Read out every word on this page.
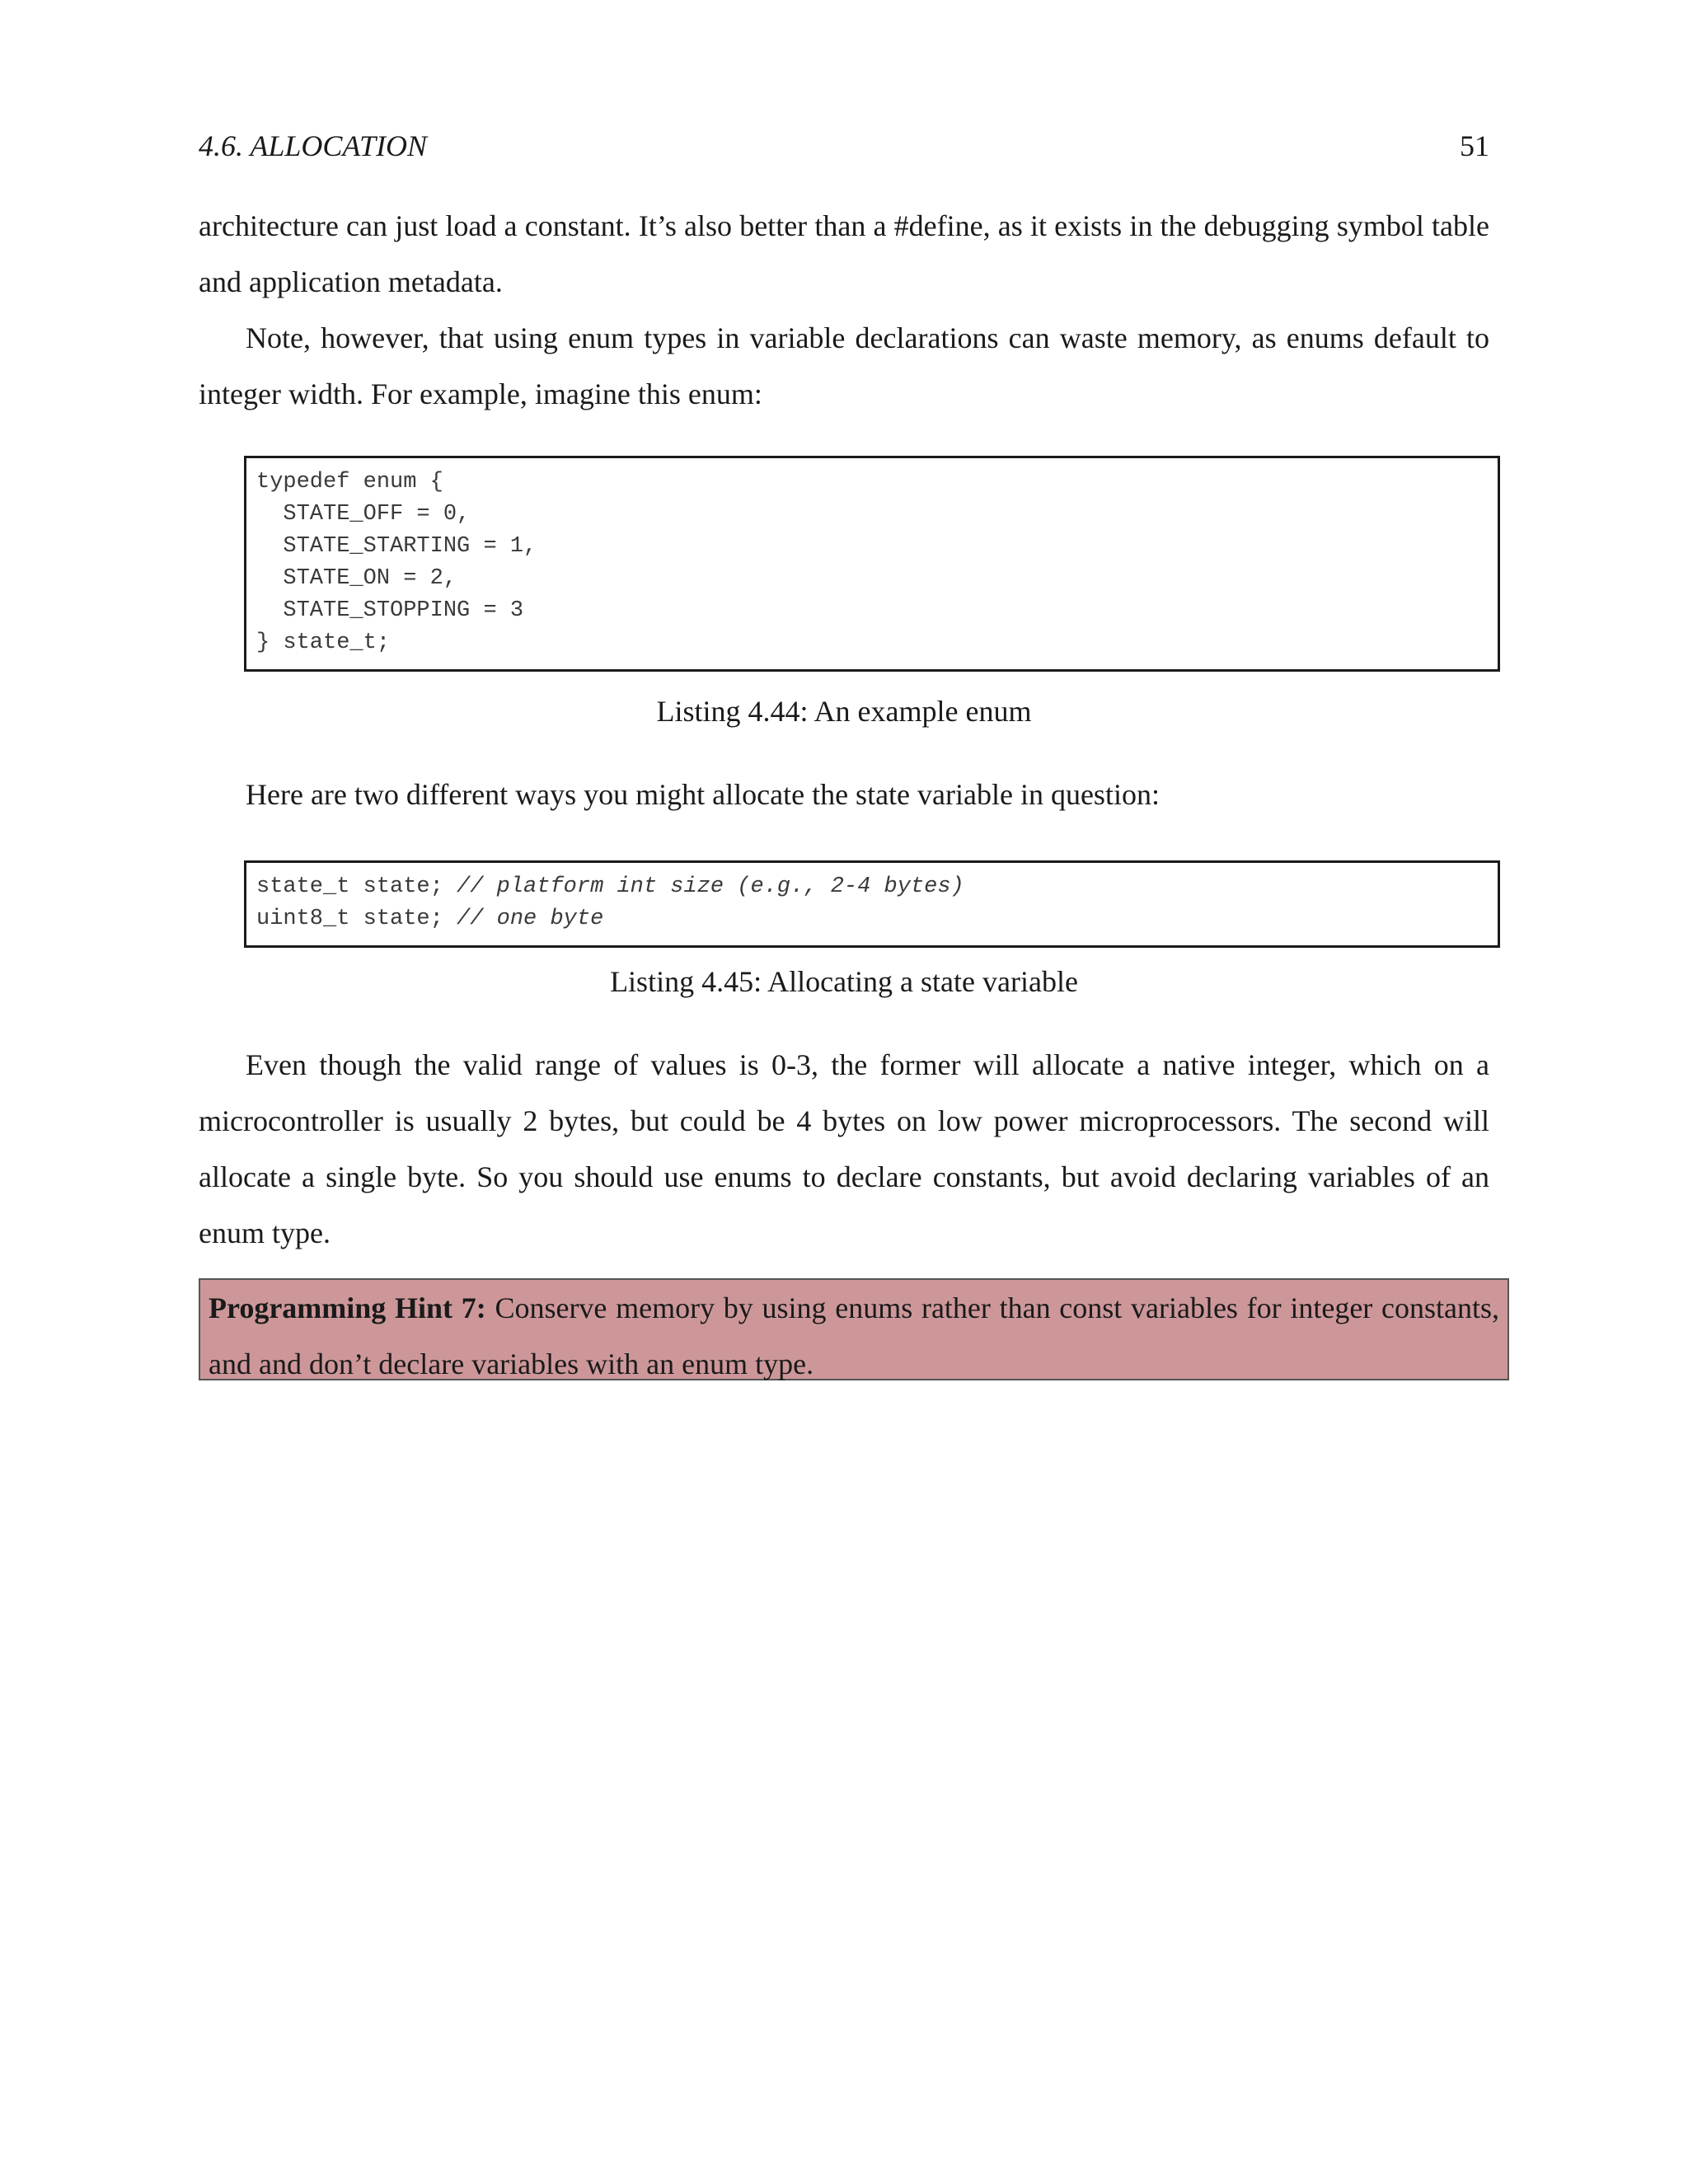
4.6. ALLOCATION	51

architecture can just load a constant. It’s also better than a #define, as it exists in the debugging symbol table and application metadata.

Note, however, that using enum types in variable declarations can waste memory, as enums default to integer width. For example, imagine this enum:

typedef enum {
STATE_OFF = 0,
STATE_STARTING = 1,
STATE_ON = 2,
STATE_STOPPING = 3
} state_t;
Listing 4.44: An example enum

Here are two different ways you might allocate the state variable in question:

state_t state; // platform int size (e.g., 2-4 bytes)
uint8_t state; // one byte
Listing 4.45: Allocating a state variable

Even though the valid range of values is 0-3, the former will allocate a native integer, which on a microcontroller is usually 2 bytes, but could be 4 bytes on low power microprocessors. The second will allocate a single byte. So you should use enums to declare constants, but avoid declaring variables of an enum type.

Programming Hint 7: Conserve memory by using enums rather than const variables for integer constants, and and don’t declare variables with an enum type.
